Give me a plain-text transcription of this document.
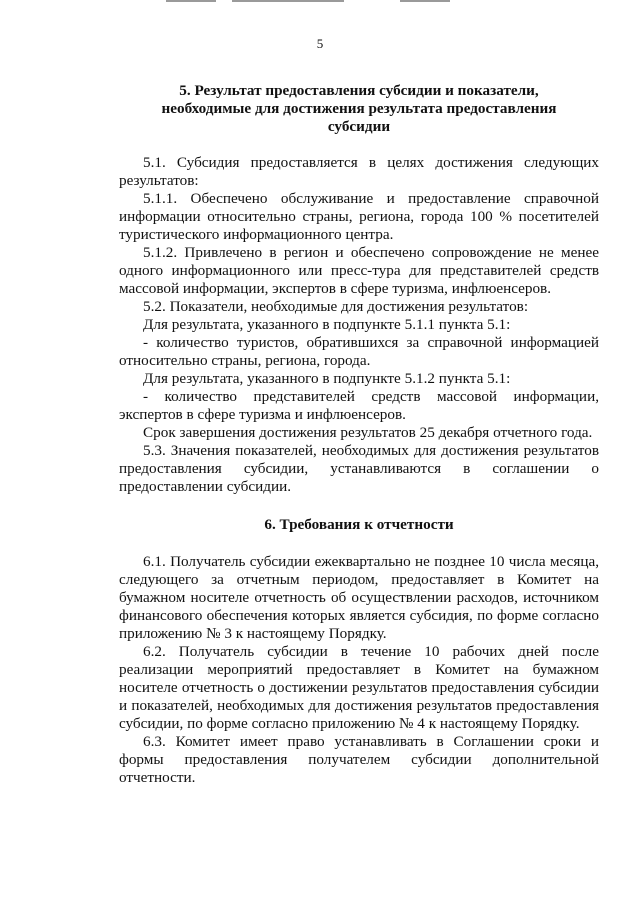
5
5. Результат предоставления субсидии и показатели,
необходимые для достижения результата предоставления
субсидии

5.1. Субсидия предоставляется в целях достижения следующих результатов:

5.1.1. Обеспечено обслуживание и предоставление справочной информации относительно страны, региона, города 100 % посетителей туристического информационного центра.

5.1.2. Привлечено в регион и обеспечено сопровождение не менее одного информационного или пресс-тура для представителей средств массовой информации, экспертов в сфере туризма, инфлюенсеров.

5.2. Показатели, необходимые для достижения результатов:

Для результата, указанного в подпункте 5.1.1 пункта 5.1:

- количество туристов, обратившихся за справочной информацией относительно страны, региона, города.

Для результата, указанного в подпункте 5.1.2 пункта 5.1:

- количество представителей средств массовой информации, экспертов в сфере туризма и инфлюенсеров.

Срок завершения достижения результатов 25 декабря отчетного года.

5.3. Значения показателей, необходимых для достижения результатов предоставления субсидии, устанавливаются в соглашении о предоставлении субсидии.

6. Требования к отчетности

6.1. Получатель субсидии ежеквартально не позднее 10 числа месяца, следующего за отчетным периодом, предоставляет в Комитет на бумажном носителе отчетность об осуществлении расходов, источником финансового обеспечения которых является субсидия, по форме согласно приложению № 3 к настоящему Порядку.

6.2. Получатель субсидии в течение 10 рабочих дней после реализации мероприятий предоставляет в Комитет на бумажном носителе отчетность о достижении результатов предоставления субсидии и показателей, необходимых для достижения результатов предоставления субсидии, по форме согласно приложению № 4 к настоящему Порядку.

6.3. Комитет имеет право устанавливать в Соглашении сроки и формы предоставления получателем субсидии дополнительной отчетности.
